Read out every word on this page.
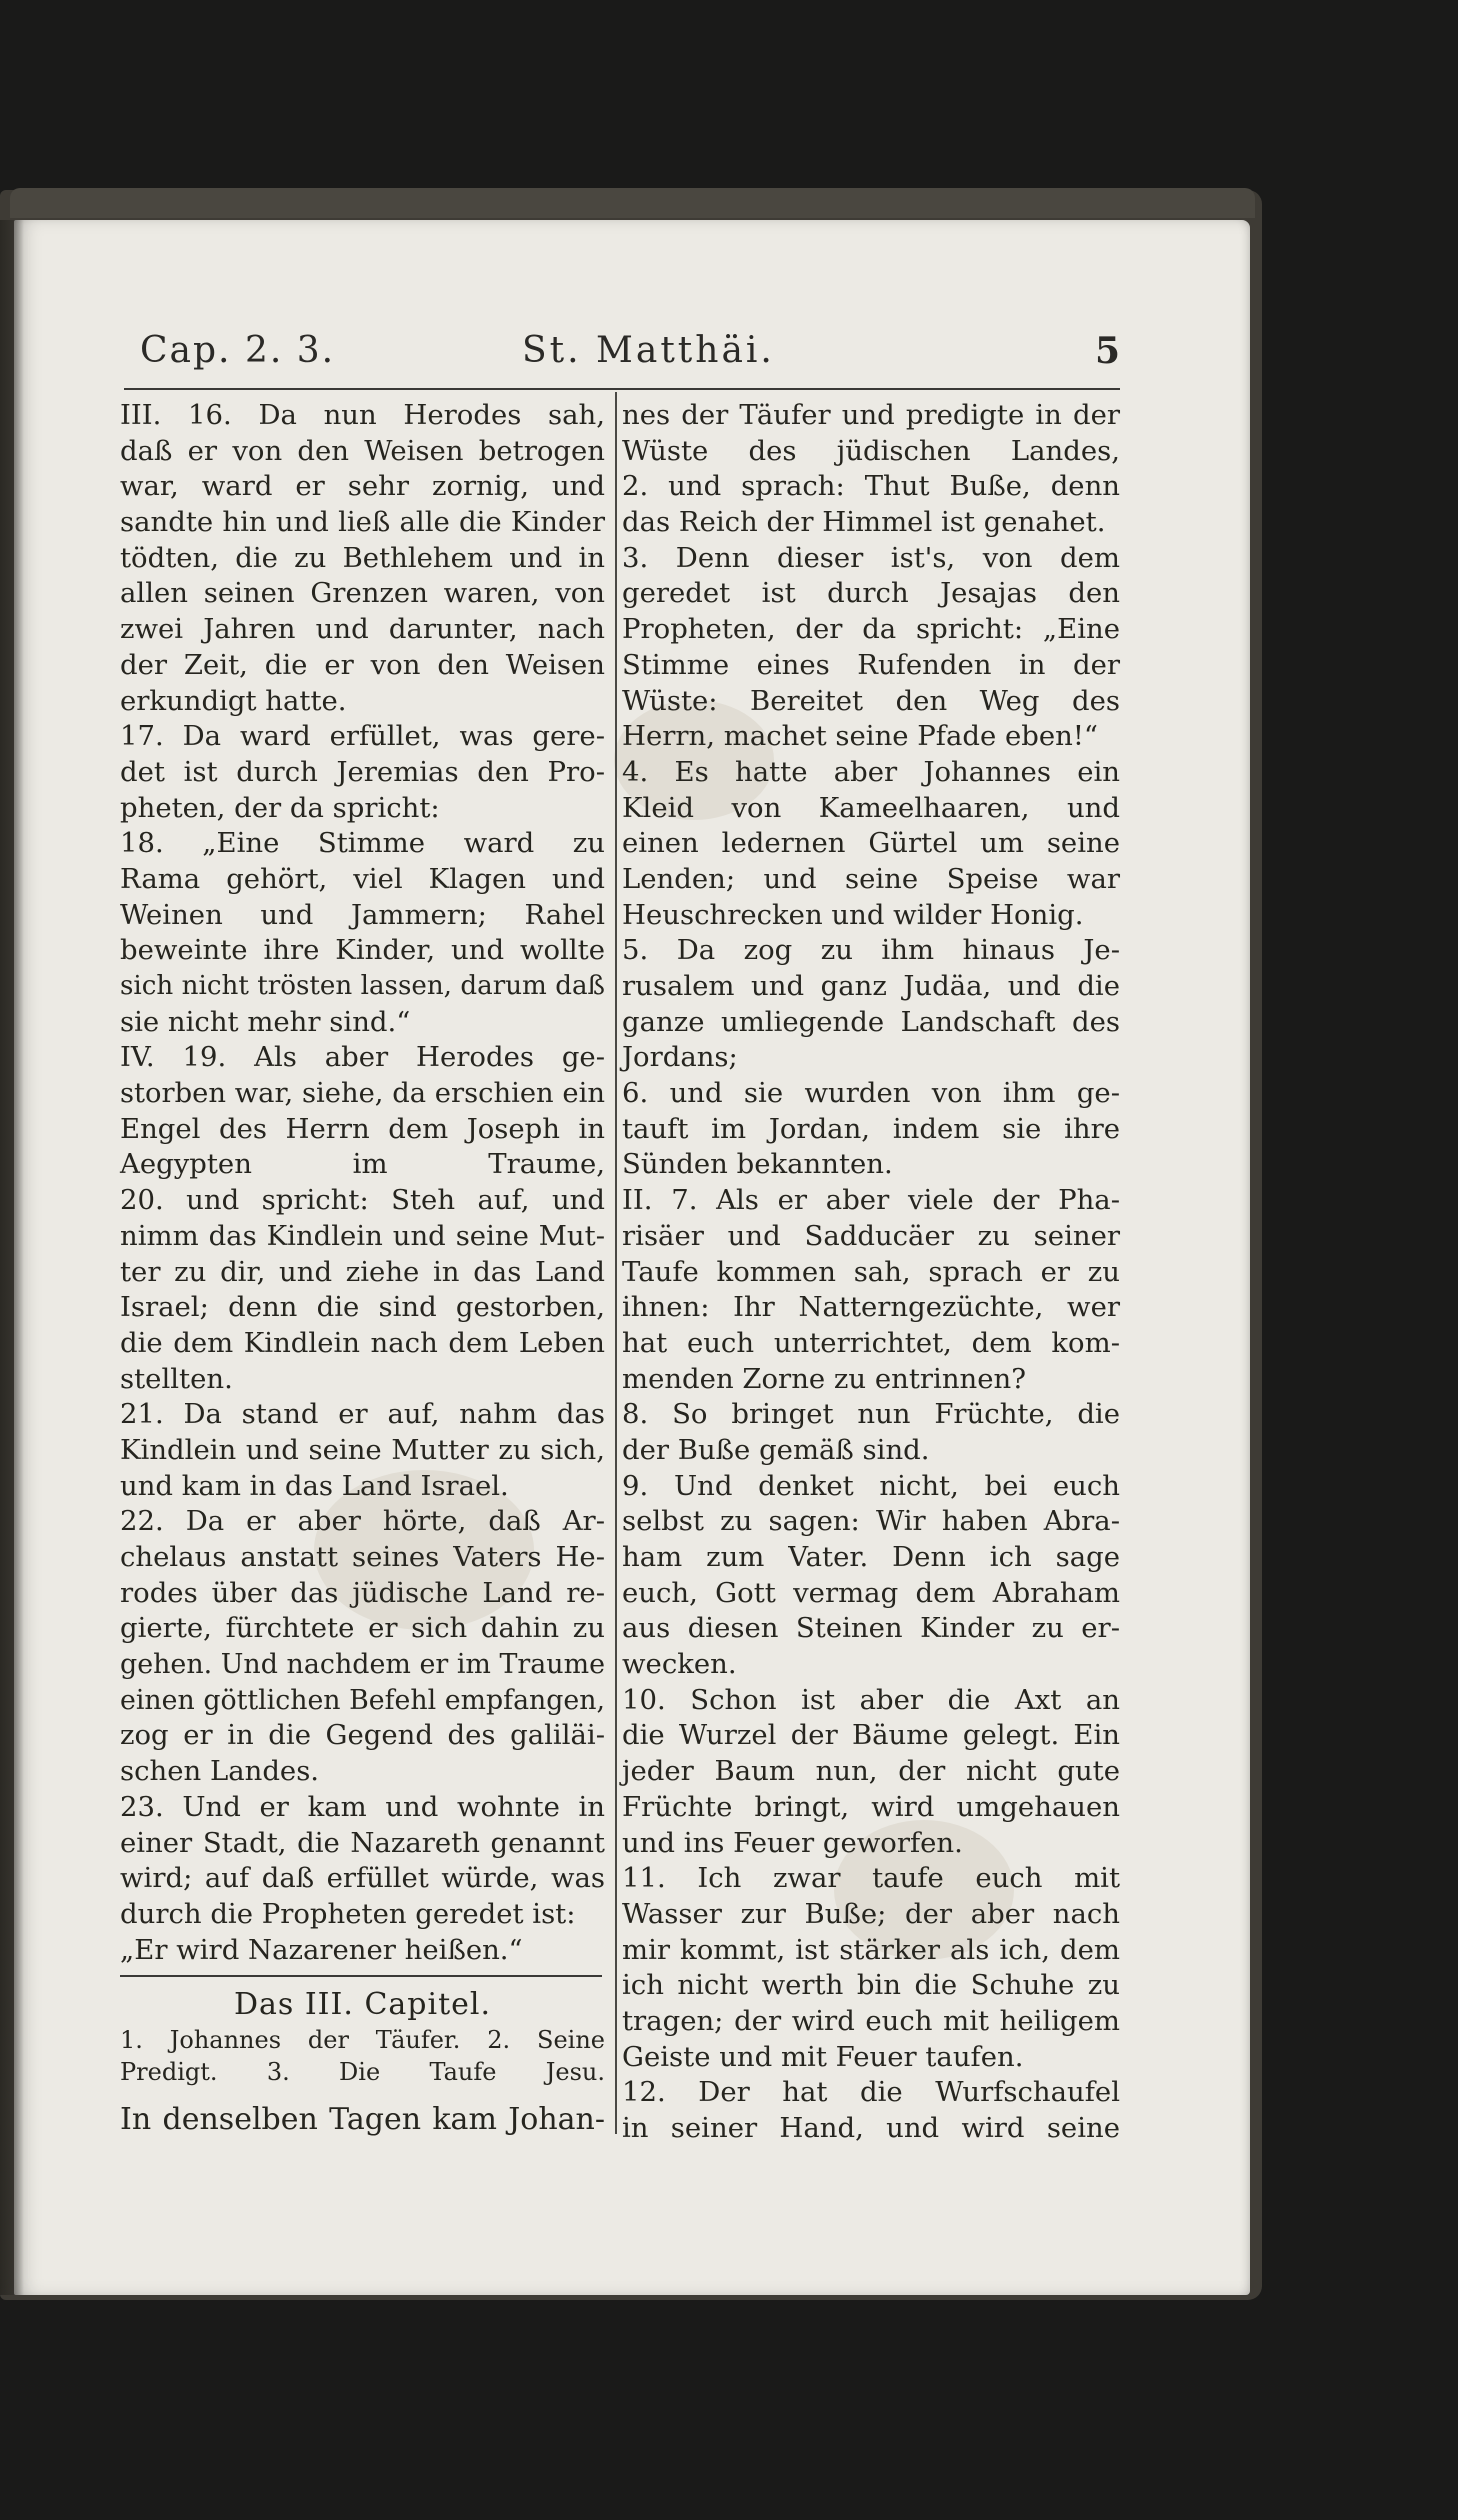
Cap. 2. 3.	St. Matthäi.	5
III. 16. Da nun Herodes sah,
daß er von den Weisen betrogen
war, ward er sehr zornig, und
sandte hin und ließ alle die Kinder
tödten, die zu Bethlehem und in
allen seinen Grenzen waren, von
zwei Jahren und darunter, nach
der Zeit, die er von den Weisen
erkundigt hatte.
17. Da ward erfüllet, was gere-
det ist durch Jeremias den Pro-
pheten, der da spricht:
18. „Eine Stimme ward zu
Rama gehört, viel Klagen und
Weinen und Jammern; Rahel
beweinte ihre Kinder, und wollte
sich nicht trösten lassen, darum daß
sie nicht mehr sind.“
IV. 19. Als aber Herodes ge-
storben war, siehe, da erschien ein
Engel des Herrn dem Joseph in
Aegypten im Traume,
20. und spricht: Steh auf, und
nimm das Kindlein und seine Mut-
ter zu dir, und ziehe in das Land
Israel; denn die sind gestorben,
die dem Kindlein nach dem Leben
stellten.
21. Da stand er auf, nahm das
Kindlein und seine Mutter zu sich,
und kam in das Land Israel.
22. Da er aber hörte, daß Ar-
chelaus anstatt seines Vaters He-
rodes über das jüdische Land re-
gierte, fürchtete er sich dahin zu
gehen. Und nachdem er im Traume
einen göttlichen Befehl empfangen,
zog er in die Gegend des galiläi-
schen Landes.
23. Und er kam und wohnte in
einer Stadt, die Nazareth genannt
wird; auf daß erfüllet würde, was
durch die Propheten geredet ist:
„Er wird Nazarener heißen.“
nes der Täufer und predigte in der
Wüste des jüdischen Landes,
2. und sprach: Thut Buße, denn
das Reich der Himmel ist genahet.
3. Denn dieser ist's, von dem
geredet ist durch Jesajas den
Propheten, der da spricht: „Eine
Stimme eines Rufenden in der
Wüste: Bereitet den Weg des
Herrn, machet seine Pfade eben!“
4. Es hatte aber Johannes ein
Kleid von Kameelhaaren, und
einen ledernen Gürtel um seine
Lenden; und seine Speise war
Heuschrecken und wilder Honig.
5. Da zog zu ihm hinaus Je-
rusalem und ganz Judäa, und die
ganze umliegende Landschaft des
Jordans;
6. und sie wurden von ihm ge-
tauft im Jordan, indem sie ihre
Sünden bekannten.
II. 7. Als er aber viele der Pha-
risäer und Sadducäer zu seiner
Taufe kommen sah, sprach er zu
ihnen: Ihr Natterngezüchte, wer
hat euch unterrichtet, dem kom-
menden Zorne zu entrinnen?
8. So bringet nun Früchte, die
der Buße gemäß sind.
9. Und denket nicht, bei euch
selbst zu sagen: Wir haben Abra-
ham zum Vater. Denn ich sage
euch, Gott vermag dem Abraham
aus diesen Steinen Kinder zu er-
wecken.
10. Schon ist aber die Axt an
die Wurzel der Bäume gelegt. Ein
jeder Baum nun, der nicht gute
Früchte bringt, wird umgehauen
und ins Feuer geworfen.
11. Ich zwar taufe euch mit
Wasser zur Buße; der aber nach
mir kommt, ist stärker als ich, dem
ich nicht werth bin die Schuhe zu
tragen; der wird euch mit heiligem
Geiste und mit Feuer taufen.
12. Der hat die Wurfschaufel
in seiner Hand, und wird seine
Das III. Capitel.
1. Johannes der Täufer. 2. Seine
Predigt. 3. Die Taufe Jesu.
In denselben Tagen kam Johan-
